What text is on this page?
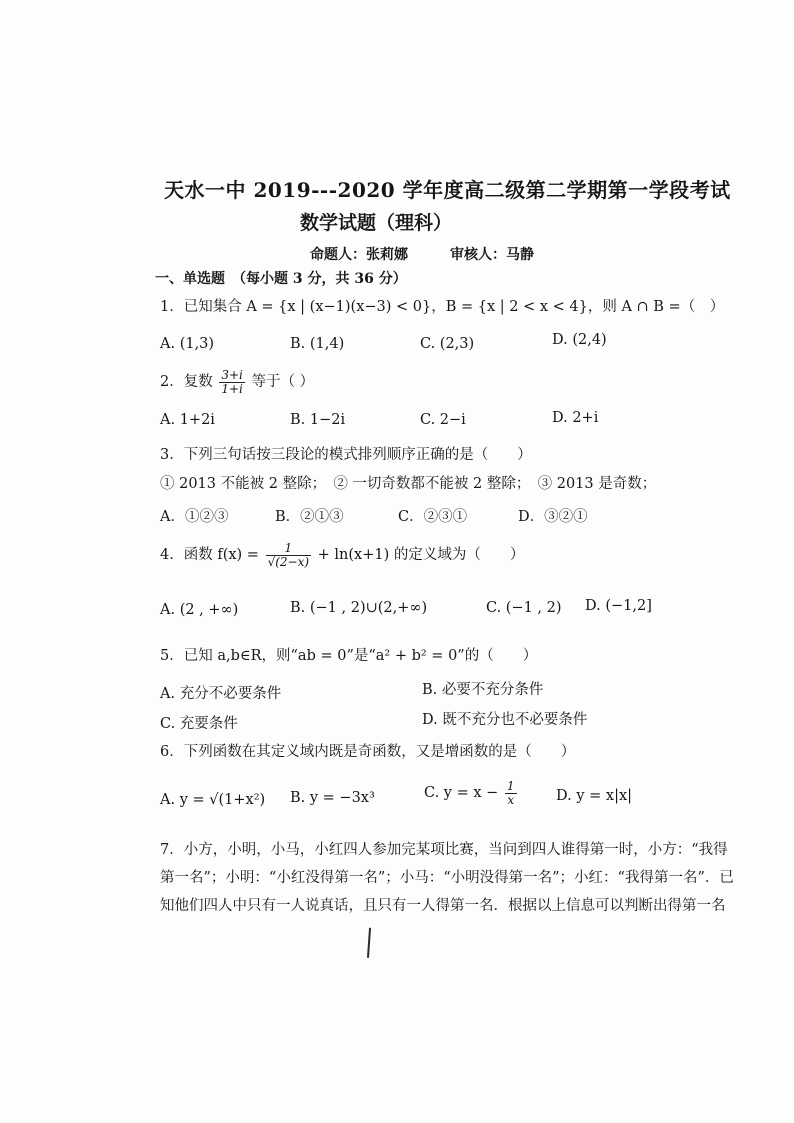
天水一中 2019---2020 学年度高二级第二学期第一学段考试
数学试题（理科）
命题人：张莉娜　　　审核人：马静
一、单选题　（每小题 3 分，共 36 分）
1．已知集合 A = {x | (x−1)(x−3) < 0}，B = {x | 2 < x < 4}，则 A ∩ B =（　）
A. (1,3)	B. (1,4)	C. (2,3)	D. (2,4)
2．复数 $\frac{3+i}{1+i}$ 等于（ ）
A. 1+2i	B. 1−2i	C. 2−i	D. 2+i
3．下列三句话按三段论的模式排列顺序正确的是（　　）
① 2013 不能被 2 整除；　② 一切奇数都不能被 2 整除；　③ 2013 是奇数；
A．①②③	B．②①③	C．②③①	D．③②①
4．函数 $f(x) = \frac{1}{√(2-x)} + \ln(x+1)$ 的定义域为（　　）
A. (2 , +∞)	B. (−1 , 2)∪(2,+∞)	C. (−1 , 2) D. (−1,2]
5．已知 a,b∈R，则“ab = 0”是“a² + b² = 0”的（　　）
A. 充分不必要条件	B. 必要不充分条件
C. 充要条件	D. 既不充分也不必要条件
6．下列函数在其定义域内既是奇函数，又是增函数的是（　　）
A. y = √(1+x²) B. y = −3x³	C. $y = x - \frac{1}{x}$	D. y = x|x|
7．小方，小明，小马，小红四人参加完某项比赛，当问到四人谁得第一时，小方：“我得
第一名”；小明：“小红没得第一名”；小马：“小明没得第一名”；小红：“我得第一名”．已
知他们四人中只有一人说真话，且只有一人得第一名．根据以上信息可以判断出得第一名
